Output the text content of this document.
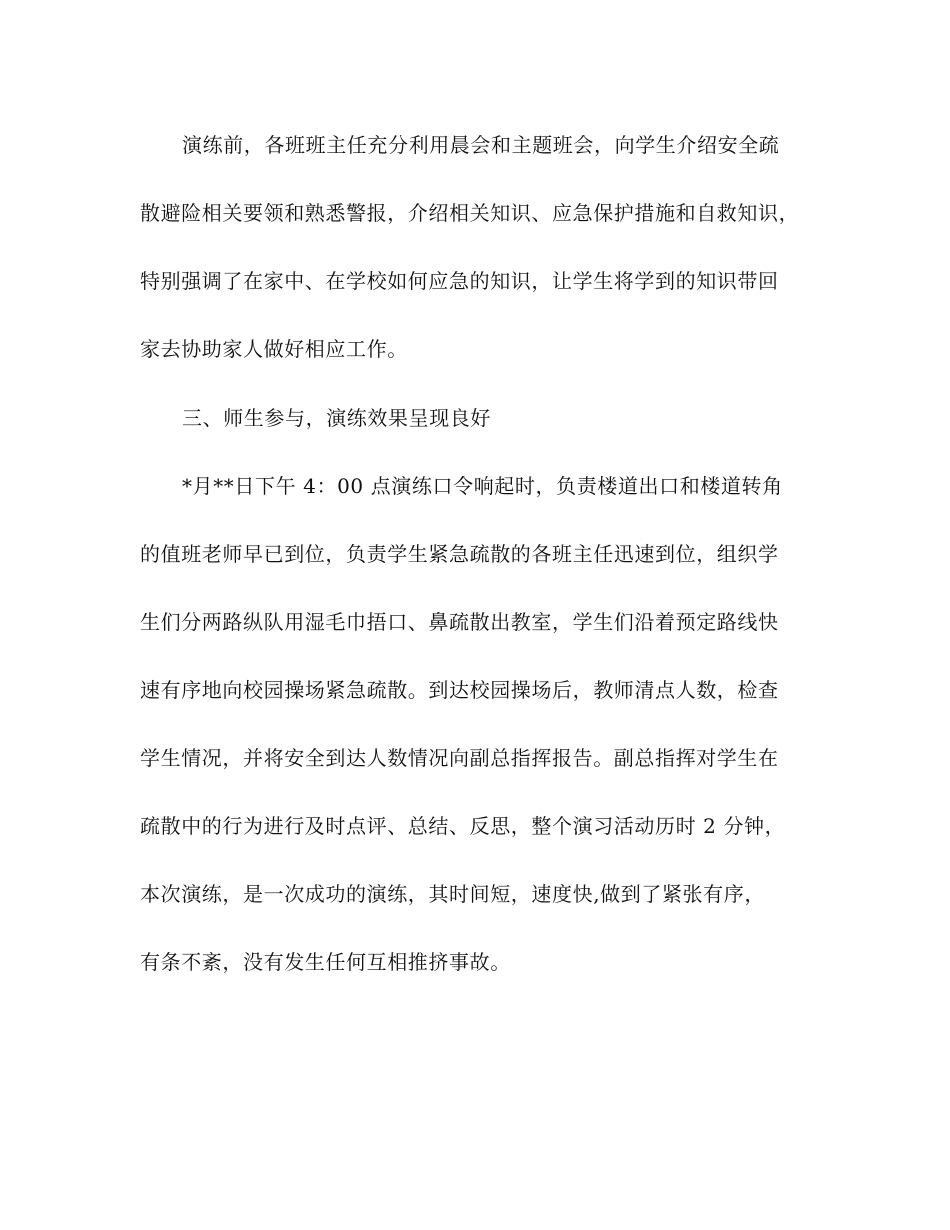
演练前，各班班主任充分利用晨会和主题班会，向学生介绍安全疏
散避险相关要领和熟悉警报，介绍相关知识、应急保护措施和自救知识，
特别强调了在家中、在学校如何应急的知识，让学生将学到的知识带回
家去协助家人做好相应工作。
三、师生参与，演练效果呈现良好
*月**日下午 4：00 点演练口令响起时，负责楼道出口和楼道转角
的值班老师早已到位，负责学生紧急疏散的各班主任迅速到位，组织学
生们分两路纵队用湿毛巾捂口、鼻疏散出教室，学生们沿着预定路线快
速有序地向校园操场紧急疏散。到达校园操场后，教师清点人数，检查
学生情况，并将安全到达人数情况向副总指挥报告。副总指挥对学生在
疏散中的行为进行及时点评、总结、反思，整个演习活动历时 2 分钟，
本次演练，是一次成功的演练，其时间短，速度快,做到了紧张有序，
有条不紊，没有发生任何互相推挤事故。
